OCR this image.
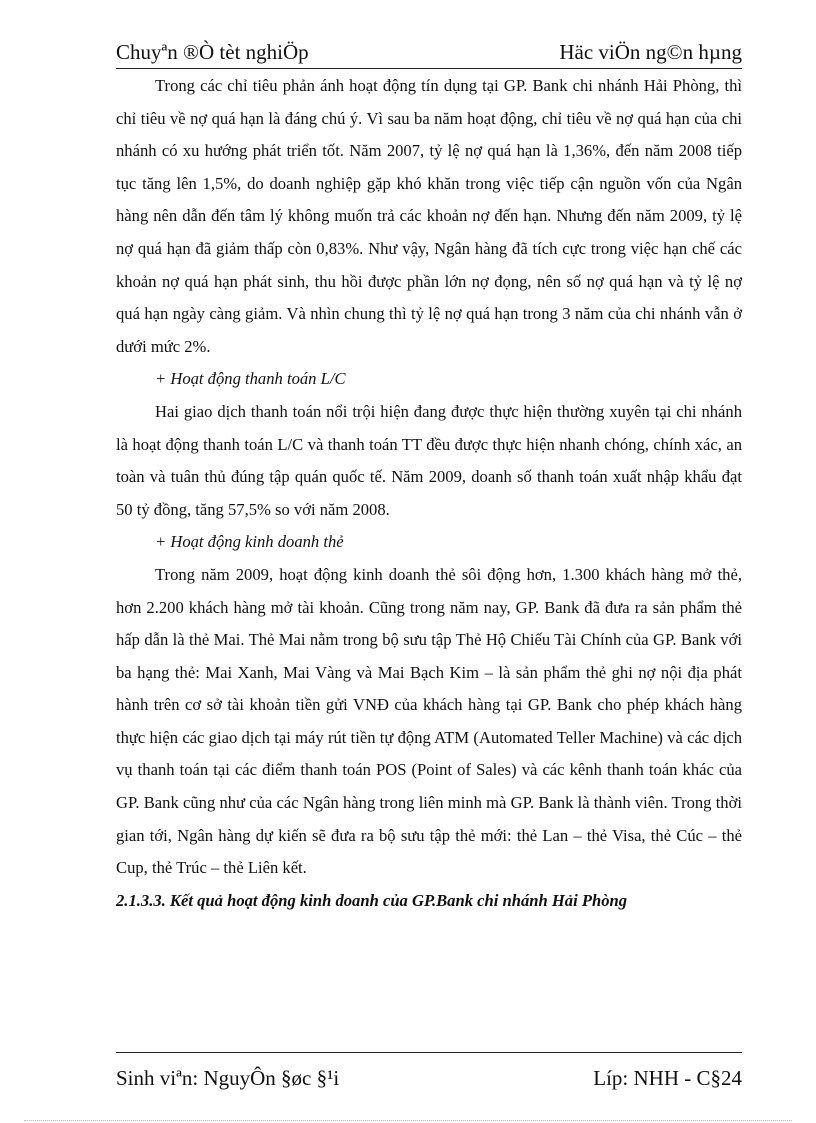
Chuyªn ®Ò tèt nghiÖp	Häc viÖn ng©n hµng

Trong các chỉ tiêu phản ánh hoạt động tín dụng tại GP. Bank chi nhánh Hải Phòng, thì chỉ tiêu về nợ quá hạn là đáng chú ý. Vì sau ba năm hoạt động, chỉ tiêu về nợ quá hạn của chi nhánh có xu hướng phát triển tốt. Năm 2007, tỷ lệ nợ quá hạn là 1,36%, đến năm 2008 tiếp tục tăng lên 1,5%, do doanh nghiệp gặp khó khăn trong việc tiếp cận nguồn vốn của Ngân hàng nên dẫn đến tâm lý không muốn trả các khoản nợ đến hạn. Nhưng đến năm 2009, tỷ lệ nợ quá hạn đã giảm thấp còn 0,83%. Như vậy, Ngân hàng đã tích cực trong việc hạn chế các khoản nợ quá hạn phát sinh, thu hồi được phần lớn nợ đọng, nên số nợ quá hạn và tỷ lệ nợ quá hạn ngày càng giảm. Và nhìn chung thì tỷ lệ nợ quá hạn trong 3 năm của chi nhánh vẫn ở dưới mức 2%.

+ Hoạt động thanh toán L/C

Hai giao dịch thanh toán nổi trội hiện đang được thực hiện thường xuyên tại chi nhánh là hoạt động thanh toán L/C và thanh toán TT đều được thực hiện nhanh chóng, chính xác, an toàn và tuân thủ đúng tập quán quốc tế. Năm 2009, doanh số thanh toán xuất nhập khẩu đạt 50 tỷ đồng, tăng 57,5% so với năm 2008.

+ Hoạt động kinh doanh thẻ

Trong năm 2009, hoạt động kinh doanh thẻ sôi động hơn, 1.300 khách hàng mở thẻ, hơn 2.200 khách hàng mở tài khoản. Cũng trong năm nay, GP. Bank đã đưa ra sản phẩm thẻ hấp dẫn là thẻ Mai. Thẻ Mai nằm trong bộ sưu tập Thẻ Hộ Chiếu Tài Chính của GP. Bank với ba hạng thẻ: Mai Xanh, Mai Vàng và Mai Bạch Kim – là sản phẩm thẻ ghi nợ nội địa phát hành trên cơ sở tài khoản tiền gửi VNĐ của khách hàng tại GP. Bank cho phép khách hàng thực hiện các giao dịch tại máy rút tiền tự động ATM (Automated Teller Machine) và các dịch vụ thanh toán tại các điểm thanh toán POS (Point of Sales) và các kênh thanh toán khác của GP. Bank cũng như của các Ngân hàng trong liên minh mà GP. Bank là thành viên. Trong thời gian tới, Ngân hàng dự kiến sẽ đưa ra bộ sưu tập thẻ mới: thẻ Lan – thẻ Visa, thẻ Cúc – thẻ Cup, thẻ Trúc – thẻ Liên kết.

2.1.3.3. Kết quả hoạt động kinh doanh của GP.Bank chi nhánh Hải Phòng

Sinh viªn: NguyÔn §øc §¹i	Líp: NHH - C§24
